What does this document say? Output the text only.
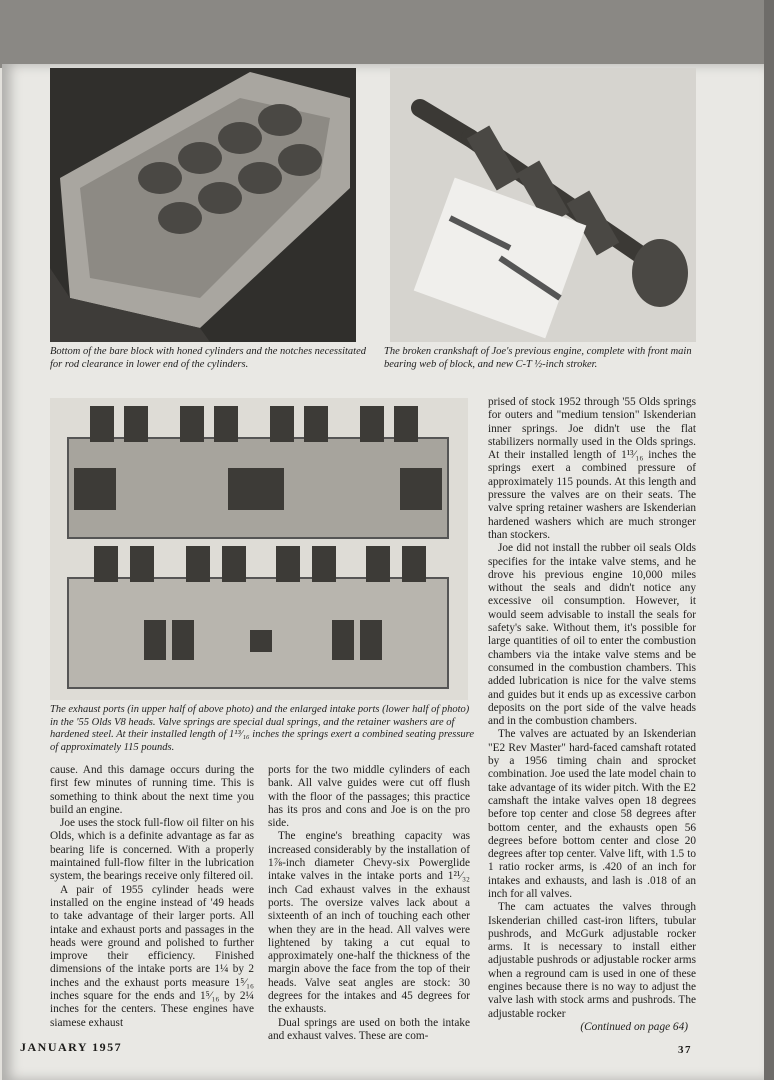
Bottom of the bare block with honed cylinders and the notches necessitated for rod clearance in lower end of the cylinders.
The broken crankshaft of Joe's previous engine, complete with front main bearing web of block, and new C-T ½-inch stroker.
The exhaust ports (in upper half of above photo) and the enlarged intake ports (lower half of photo) in the '55 Olds V8 heads. Valve springs are special dual springs, and the retainer washers are of hardened steel. At their installed length of 1¹³⁄₁₆ inches the springs exert a combined seating pressure of approximately 115 pounds.

cause. And this damage occurs during the first few minutes of running time. This is something to think about the next time you build an engine.

Joe uses the stock full-flow oil filter on his Olds, which is a definite advantage as far as bearing life is concerned. With a properly maintained full-flow filter in the lubrication system, the bearings receive only filtered oil.

A pair of 1955 cylinder heads were installed on the engine instead of '49 heads to take advantage of their larger ports. All intake and exhaust ports and passages in the heads were ground and polished to further improve their efficiency. Finished dimensions of the intake ports are 1¼ by 2 inches and the exhaust ports measure 1⁵⁄₁₆ inches square for the ends and 1⁵⁄₁₆ by 2¼ inches for the centers. These engines have siamese exhaust

ports for the two middle cylinders of each bank. All valve guides were cut off flush with the floor of the passages; this practice has its pros and cons and Joe is on the pro side.

The engine's breathing capacity was increased considerably by the installation of 1⅞-inch diameter Chevy-six Powerglide intake valves in the intake ports and 1²¹⁄₃₂ inch Cad exhaust valves in the exhaust ports. The oversize valves lack about a sixteenth of an inch of touching each other when they are in the head. All valves were lightened by taking a cut equal to approximately one-half the thickness of the margin above the face from the top of their heads. Valve seat angles are stock: 30 degrees for the intakes and 45 degrees for the exhausts.

Dual springs are used on both the intake and exhaust valves. These are com-

prised of stock 1952 through '55 Olds springs for outers and "medium tension" Iskenderian inner springs. Joe didn't use the flat stabilizers normally used in the Olds springs. At their installed length of 1¹³⁄₁₆ inches the springs exert a combined pressure of approximately 115 pounds. At this length and pressure the valves are on their seats. The valve spring retainer washers are Iskenderian hardened washers which are much stronger than stockers.

Joe did not install the rubber oil seals Olds specifies for the intake valve stems, and he drove his previous engine 10,000 miles without the seals and didn't notice any excessive oil consumption. However, it would seem advisable to install the seals for safety's sake. Without them, it's possible for large quantities of oil to enter the combustion chambers via the intake valve stems and be consumed in the combustion chambers. This added lubrication is nice for the valve stems and guides but it ends up as excessive carbon deposits on the port side of the valve heads and in the combustion chambers.

The valves are actuated by an Iskenderian "E2 Rev Master" hard-faced camshaft rotated by a 1956 timing chain and sprocket combination. Joe used the late model chain to take advantage of its wider pitch. With the E2 camshaft the intake valves open 18 degrees before top center and close 58 degrees after bottom center, and the exhausts open 56 degrees before bottom center and close 20 degrees after top center. Valve lift, with 1.5 to 1 ratio rocker arms, is .420 of an inch for intakes and exhausts, and lash is .018 of an inch for all valves.

The cam actuates the valves through Iskenderian chilled cast-iron lifters, tubular pushrods, and McGurk adjustable rocker arms. It is necessary to install either adjustable pushrods or adjustable rocker arms when a reground cam is used in one of these engines because there is no way to adjust the valve lash with stock arms and pushrods. The adjustable rocker

(Continued on page 64)
JANUARY 1957	37
